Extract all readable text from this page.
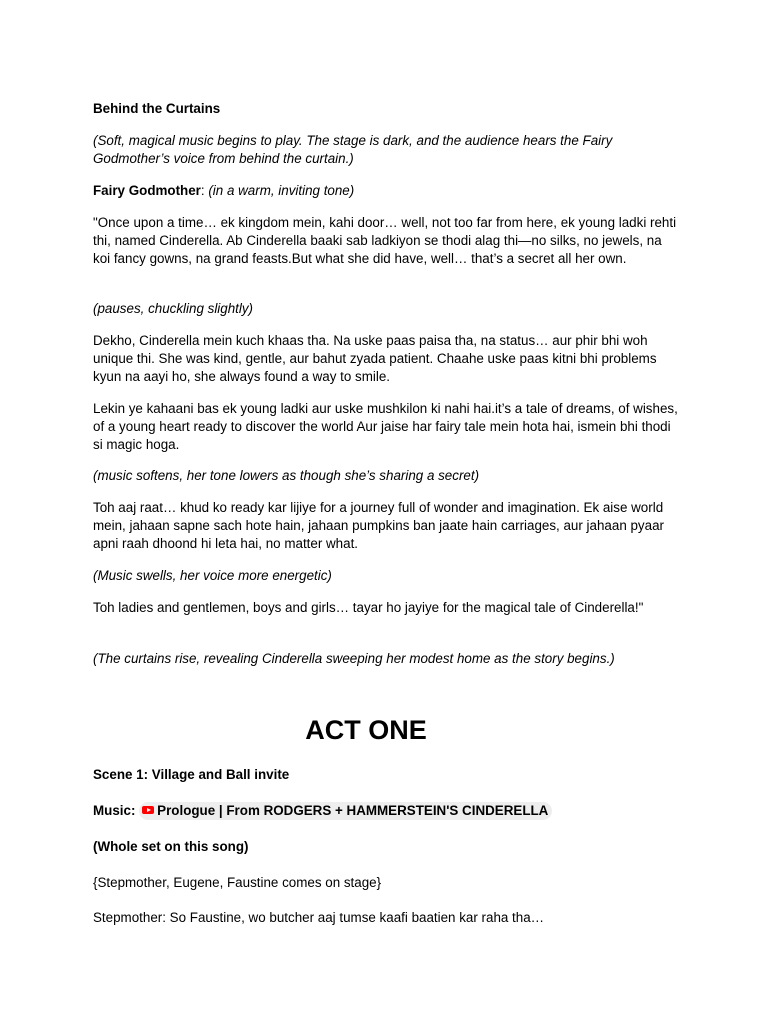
Behind the Curtains

(Soft, magical music begins to play. The stage is dark, and the audience hears the Fairy Godmother’s voice from behind the curtain.)

Fairy Godmother: (in a warm, inviting tone)

"Once upon a time… ek kingdom mein, kahi door… well, not too far from here, ek young ladki rehti thi, named Cinderella. Ab Cinderella baaki sab ladkiyon se thodi alag thi—no silks, no jewels, na koi fancy gowns, na grand feasts.But what she did have, well… that’s a secret all her own.

(pauses, chuckling slightly)

Dekho, Cinderella mein kuch khaas tha. Na uske paas paisa tha, na status… aur phir bhi woh unique thi. She was kind, gentle, aur bahut zyada patient. Chaahe uske paas kitni bhi problems kyun na aayi ho, she always found a way to smile.

Lekin ye kahaani bas ek young ladki aur uske mushkilon ki nahi hai.it’s a tale of dreams, of wishes, of a young heart ready to discover the world Aur jaise har fairy tale mein hota hai, ismein bhi thodi si magic hoga.

(music softens, her tone lowers as though she’s sharing a secret)

Toh aaj raat… khud ko ready kar lijiye for a journey full of wonder and imagination. Ek aise world mein, jahaan sapne sach hote hain, jahaan pumpkins ban jaate hain carriages, aur jahaan pyaar apni raah dhoond hi leta hai, no matter what.

(Music swells, her voice more energetic)

Toh ladies and gentlemen, boys and girls… tayar ho jayiye for the magical tale of Cinderella!"

(The curtains rise, revealing Cinderella sweeping her modest home as the story begins.)

ACT ONE

Scene 1: Village and Ball invite

Music: Prologue | From RODGERS + HAMMERSTEIN'S CINDERELLA

(Whole set on this song)

{Stepmother, Eugene, Faustine comes on stage}

Stepmother: So Faustine, wo butcher aaj tumse kaafi baatien kar raha tha…
